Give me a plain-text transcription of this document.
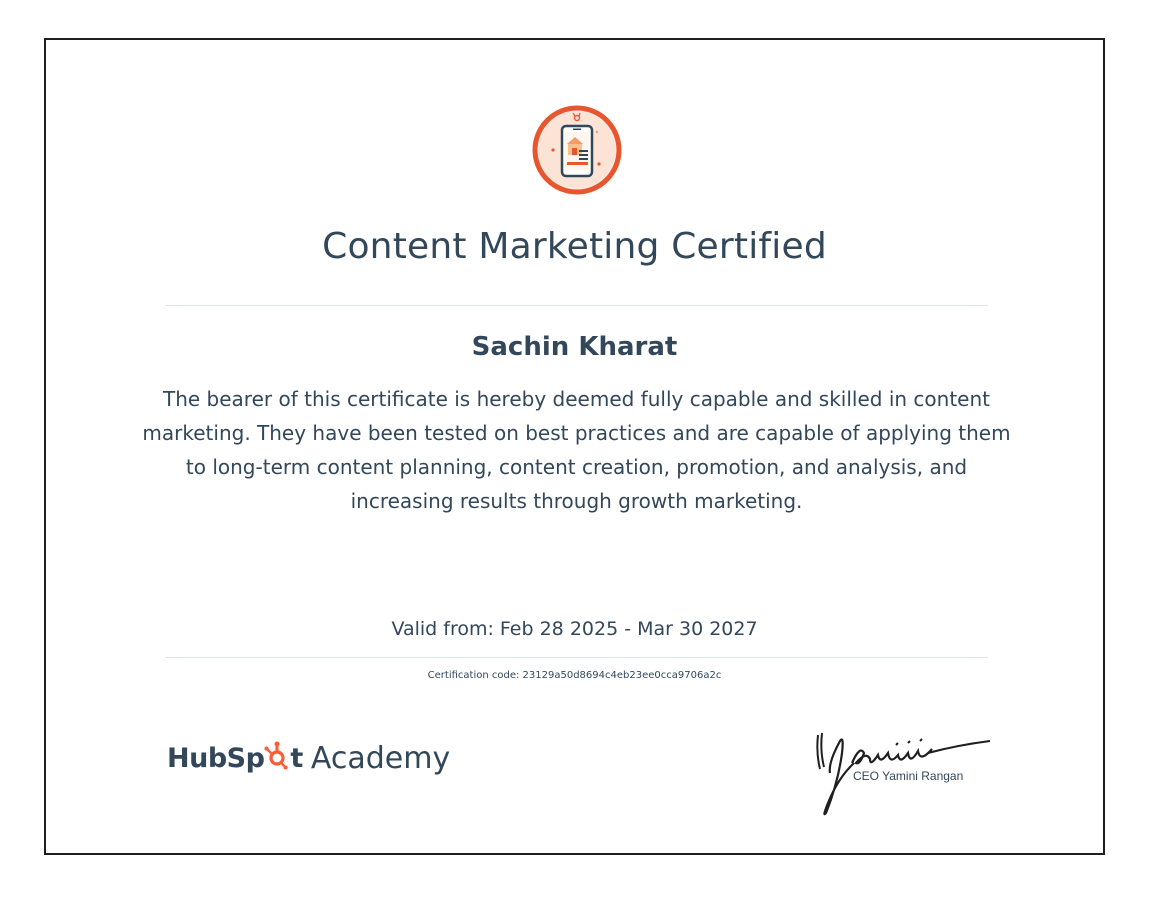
Content Marketing Certified
Sachin Kharat
The bearer of this certificate is hereby deemed fully capable and skilled in content marketing. They have been tested on best practices and are capable of applying them to long-term content planning, content creation, promotion, and analysis, and increasing results through growth marketing.
Valid from: Feb 28 2025 - Mar 30 2027
Certification code: 23129a50d8694c4eb23ee0cca9706a2c
HubSp t Academy
CEO Yamini Rangan
